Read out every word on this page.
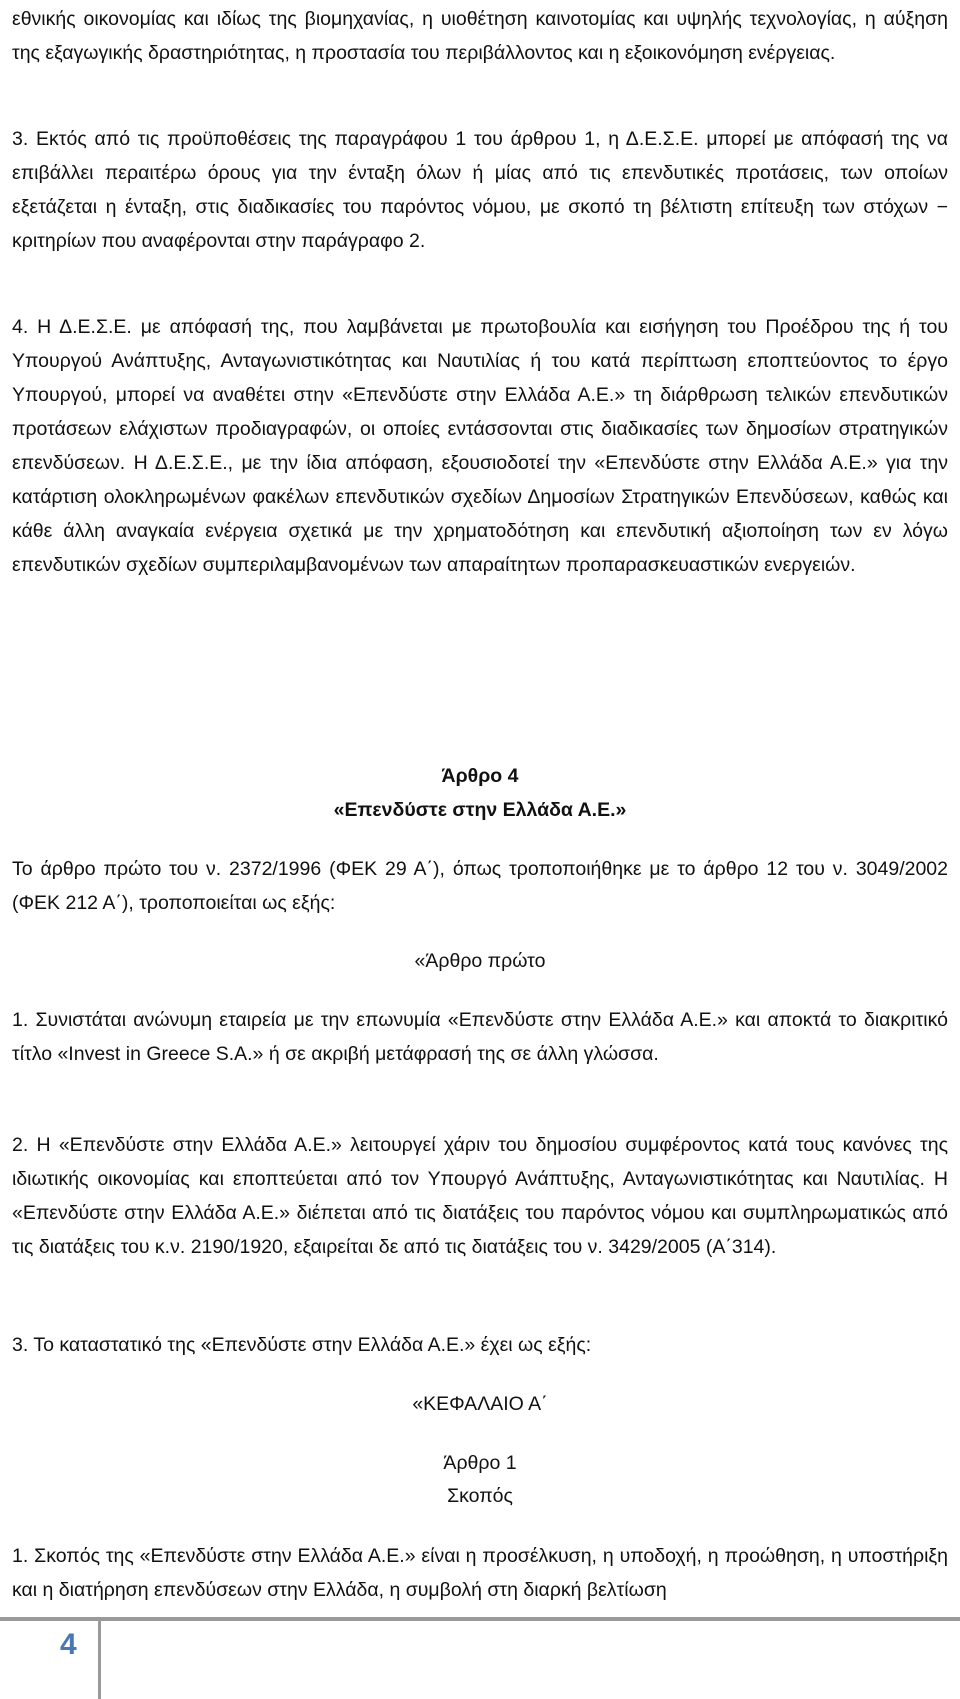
εθνικής οικονομίας και ιδίως της βιομηχανίας, η υιοθέτηση καινοτομίας και υψηλής τεχνολογίας, η αύξηση της εξαγωγικής δραστηριότητας, η προστασία του περιβάλλοντος και η εξοικονόμηση ενέργειας.

3. Εκτός από τις προϋποθέσεις της παραγράφου 1 του άρθρου 1, η Δ.Ε.Σ.Ε. μπορεί με απόφασή της να επιβάλλει περαιτέρω όρους για την ένταξη όλων ή μίας από τις επενδυτικές προτάσεις, των οποίων εξετάζεται η ένταξη, στις διαδικασίες του παρόντος νόμου, με σκοπό τη βέλτιστη επίτευξη των στόχων − κριτηρίων που αναφέρονται στην παράγραφο 2.

4. Η Δ.Ε.Σ.Ε. με απόφασή της, που λαμβάνεται με πρωτοβουλία και εισήγηση του Προέδρου της ή του Υπουργού Ανάπτυξης, Ανταγωνιστικότητας και Ναυτιλίας ή του κατά περίπτωση εποπτεύοντος το έργο Υπουργού, μπορεί να αναθέτει στην «Επενδύστε στην Ελλάδα Α.Ε.» τη διάρθρωση τελικών επενδυτικών προτάσεων ελάχιστων προδιαγραφών, οι οποίες εντάσσονται στις διαδικασίες των δημοσίων στρατηγικών επενδύσεων. Η Δ.Ε.Σ.Ε., με την ίδια απόφαση, εξουσιοδοτεί την «Επενδύστε στην Ελλάδα Α.Ε.» για την κατάρτιση ολοκληρωμένων φακέλων επενδυτικών σχεδίων Δημοσίων Στρατηγικών Επενδύσεων, καθώς και κάθε άλλη αναγκαία ενέργεια σχετικά με την χρηματοδότηση και επενδυτική αξιοποίηση των εν λόγω επενδυτικών σχεδίων συμπεριλαμβανομένων των απαραίτητων προπαρασκευαστικών ενεργειών.

Άρθρο 4

«Επενδύστε στην Ελλάδα Α.Ε.»

Το άρθρο πρώτο του ν. 2372/1996 (ΦΕΚ 29 Α΄), όπως τροποποιήθηκε με το άρθρο 12 του ν. 3049/2002 (ΦΕΚ 212 Α΄), τροποποιείται ως εξής:

«Άρθρο πρώτο

1. Συνιστάται ανώνυμη εταιρεία με την επωνυμία «Επενδύστε στην Ελλάδα Α.Ε.» και αποκτά το διακριτικό τίτλο «Invest in Greece S.A.» ή σε ακριβή μετάφρασή της σε άλλη γλώσσα.

2. Η «Επενδύστε στην Ελλάδα Α.Ε.» λειτουργεί χάριν του δημοσίου συμφέροντος κατά τους κανόνες της ιδιωτικής οικονομίας και εποπτεύεται από τον Υπουργό Ανάπτυξης, Ανταγωνιστικότητας και Ναυτιλίας. Η «Επενδύστε στην Ελλάδα Α.Ε.» διέπεται από τις διατάξεις του παρόντος νόμου και συμπληρωματικώς από τις διατάξεις του κ.ν. 2190/1920, εξαιρείται δε από τις διατάξεις του ν. 3429/2005 (Α΄314).

3. Το καταστατικό της «Επενδύστε στην Ελλάδα Α.Ε.» έχει ως εξής:

«ΚΕΦΑΛΑΙΟ Α΄

Άρθρο 1

Σκοπός

1. Σκοπός της «Επενδύστε στην Ελλάδα Α.Ε.» είναι η προσέλκυση, η υποδοχή, η προώθηση, η υποστήριξη και η διατήρηση επενδύσεων στην Ελλάδα, η συμβολή στη διαρκή βελτίωση

4
